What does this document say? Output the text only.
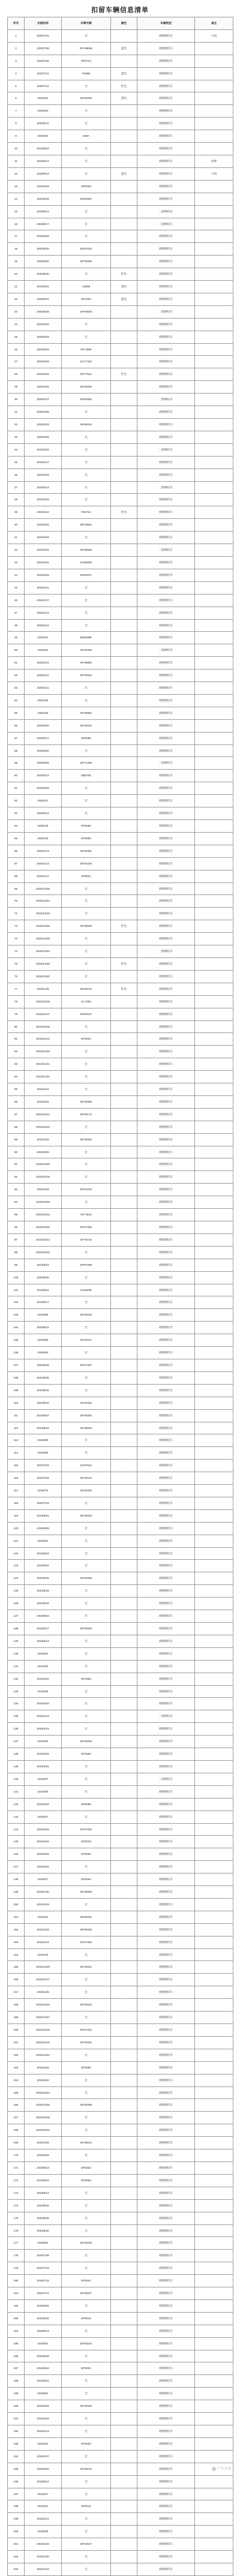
扣留车辆信息清单
序号	扣留时间	车牌号牌	颜色	车辆类型	备注
1	2020/7/24	无		两轮摩托车	大码
2	2020/7/26	DP-88659	蓝色	两轮摩托车	
3	2020/7/26	DP0713		两轮摩托车	
4	2020/7/11	P2658	蓝色	两轮摩托车	
5	2020/7/11	无	红色	两轮摩托车	
6	2020/6/4	DP43280	黑色	两轮摩托车	
7	2020/6/3	无		两轮摩托车	
8	2020/6/11	无		两轮摩托车	
9	2020/6/3	8287		两轮摩托车	
10	2020/6/10	无		两轮摩托车	
11	2020/6/12	无		两轮摩托车	扣押
12	2020/6/13	无	蓝色	两轮摩托车	大码
13	2020/6/18	DP0459		两轮摩托车	
14	2020/6/18	DP84657		两轮摩托车	
15	2020/6/14	无		三轮摩托车	
16	2020/6/17	无		三轮摩托车	
17	2020/5/18	无		两轮摩托车	
18	2020/5/20	DSP1012		两轮摩托车	
19	2020/5/20	DP78492		两轮摩托车	
20	2020/5/30	无	红色	两轮摩托车	
21	2020/5/24	C3548	黑色	两轮摩托车	
22	2020/5/21	DP1003	蓝色	两轮摩托车	
23	2020/5/26	DP28803		三轮摩托车	
24	2020/5/16	无		两轮摩托车	
25	2020/5/23	无		两轮摩托车	
26	2020/5/23	DP-3380		两轮摩托车	
27	2020/4/19	DA77424		两轮摩托车	
28	2020/4/24	DP77541	红色	两轮摩托车	
29	2020/4/26	DP45082		两轮摩托车	
30	2020/4/27	DP84802		三轮摩托车	
31	2020/4/28	无		两轮摩托车	
32	2020/4/23	DP88432		两轮摩托车	
33	2020/4/25	无		两轮摩托车	
34	2020/4/23	无		三轮摩托车	
35	2020/4/17	无		两轮摩托车	
36	2020/4/23	无		两轮摩托车	
37	2020/4/13	无		三轮摩托车	
38	2020/4/23	无		两轮摩托车	
39	2020/4/12	P46714	红色	两轮摩托车	
40	2020/4/24	DP43654		两轮摩托车	
41	2020/4/23	无		两轮摩托车	
42	2020/4/21	DP38659		三轮摩托车	
43	2020/4/21	DA66080		两轮摩托车	
44	2020/4/15	DP54971		两轮摩托车	
45	2020/4/11	无		两轮摩托车	
46	2020/4/17	无		两轮摩托车	
47	2020/4/13	无		两轮摩托车	
48	2020/4/14	无		两轮摩托车	
49	2020/4/1	BD0038K		两轮摩托车	
50	2020/4/4	DP34492		三轮摩托车	
51	2020/4/12	DP48880		两轮摩托车	
52	2020/4/11	DP44652		两轮摩托车	
53	2020/4/11	无		两轮摩托车	
54	2020/4/8	无		两轮摩托车	
55	2020/4/8	DP49884		两轮摩托车	
56	2020/3/30	DP44021		两轮摩托车	
57	2020/3/17	DP6480		两轮摩托车	
58	2020/3/20	无		两轮摩托车	
59	2020/3/25	DP71483		三轮摩托车	
60	2020/3/14	DB0705		两轮摩托车	
61	2020/3/28	无		两轮摩托车	
62	2020/2/1	无		两轮摩托车	
63	2020/2/14	无		两轮摩托车	
64	2020/1/6	DP3082		两轮摩托车	
65	2020/1/9	DP3006		两轮摩托车	
66	2020/1/13	DP46491		两轮摩托车	
67	2020/1/13	DP34430		两轮摩托车	
68	2020/1/17	DP8921		两轮摩托车	
69	2019/12/26	无		两轮摩托车	
70	2019/12/24	无		两轮摩托车	
71	2019/12/10	无		两轮摩托车	
72	2019/12/25	DP49000	红色	两轮摩托车	
73	2019/12/29	无		两轮摩托车	
74	2019/12/24	无		三轮摩托车	
75	2019/12/30	无	红色	两轮摩托车	
76	2019/12/20	无		两轮摩托车	
77	2019/12/5	DP46123	红色	两轮摩托车	
78	2019/12/19	J1-7492		两轮摩托车	
79	2019/12/17	DP84107		两轮摩托车	
80	2019/12/16	无		两轮摩托车	
81	2019/12/12	DP3021		两轮摩托车	
82	2019/11/28	无		两轮摩托车	
83	2019/11/21	无		两轮摩托车	
84	2019/11/24	无		两轮摩托车	
85	2019/11/2	无		两轮摩托车	
86	2019/11/6	DP44886		两轮摩托车	
87	2019/11/14	DP46172		两轮摩托车	
88	2019/11/10	无		两轮摩托车	
89	2019/11/8	DP78082		两轮摩托车	
90	2019/10/5	无		两轮摩托车	
91	2019/10/26	无		两轮摩托车	
92	2019/10/19	无		两轮摩托车	
93	2019/10/8	DP41224		两轮摩托车	
94	2019/10/20	无		两轮摩托车	
95	2019/10/13	DP-3019		两轮摩托车	
96	2019/10/20	DP47282		两轮摩托车	
97	2019/10/14	DP78710		两轮摩托车	
98	2019/10/13	无		两轮摩托车	
99	2019/9/22	DP97290		两轮摩托车	
100	2019/9/30	无		两轮摩托车	
101	2019/9/11	DJ43035		两轮摩托车	
102	2019/9/17	无		两轮摩托车	
103	2019/9/6	DP43020		两轮摩托车	
104	2019/9/11	无		两轮摩托车	
105	2019/9/8	DP44247		两轮摩托车	
106	2019/9/3	无		两轮摩托车	
107	2019/8/28	DP47287		两轮摩托车	
108	2019/8/28	无		两轮摩托车	
109	2019/8/15	无		两轮摩托车	
110	2019/8/10	DP11034		两轮摩托车	
111	2019/8/27	DP46082		两轮摩托车	
112	2019/8/15	DP45820		两轮摩托车	
113	2019/8/8	无		两轮摩托车	
114	2019/8/8	无		两轮摩托车	
115	2019/7/23	DA67944		两轮摩托车	
116	2019/7/23	DP44101		两轮摩托车	
117	2019/7/4	DP32363		两轮摩托车	
118	2019/7/23	无		两轮摩托车	
119	2019/6/21	DP32033		两轮摩托车	
120	2019/6/25	无		两轮摩托车	
121	2019/6/2	无		两轮摩托车	
122	2019/6/23	无		两轮摩托车	
123	2019/6/10	无		两轮摩托车	
124	2019/5/26	DP44068		两轮摩托车	
125	2019/5/16	无		两轮摩托车	
126	2019/5/16	无		两轮摩托车	
127	2019/5/16	无		两轮摩托车	
128	2019/5/17	DP33093		两轮摩托车	
129	2019/5/14	无		两轮摩托车	
130	2019/5/2	无		两轮摩托车	
131	2019/4/6	无		两轮摩托车	
132	2019/4/10	DP4383		两轮摩托车	
133	2019/4/8	无		两轮摩托车	
134	2019/4/20	无		两轮摩托车	
135	2019/4/13	无		三轮摩托车	
136	2019/4/12	无		两轮摩托车	
137	2019/4/6	DP43004		两轮摩托车	
138	2019/3/29	DP3363		两轮摩托车	
139	2019/3/25	无		两轮摩托车	
140	2019/3/7	无		三轮摩托车	
141	2019/3/9	无		两轮摩托车	
142	2019/3/16	DP3080		两轮摩托车	
143	2019/3/7	无		两轮摩托车	
144	2019/2/26	DP47082		两轮摩托车	
145	2019/2/16	DP3019		两轮摩托车	
146	2019/2/26	DP3020		两轮摩托车	
147	2019/2/16	无		两轮摩托车	
148	2019/2/7	DP3294		两轮摩托车	
149	2019/1/30	DP46083		两轮摩托车	
150	2019/1/19	无		两轮摩托车	
151	2019/1/2	DP32001		两轮摩托车	
152	2019/1/18	DP38430		两轮摩托车	
153	2019/1/13	DP47080		两轮摩托车	
154	2019/1/6	无		两轮摩托车	
155	2018/12/29	DP32021		两轮摩托车	
156	2018/12/17	无		两轮摩托车	
157	2018/12/5	无		两轮摩托车	
158	2018/12/10	DP43023		两轮摩托车	
159	2018/11/27	无		两轮摩托车	
160	2018/11/19	DP47201		两轮摩托车	
161	2018/11/19	DP43061		两轮摩托车	
162	2018/11/24	无		两轮摩托车	
163	2018/11/8	DP4082		两轮摩托车	
164	2018/11/5	无		两轮摩托车	
165	2018/10/24	无		两轮摩托车	
166	2018/10/20	DP32085		两轮摩托车	
167	2018/10/15	无		两轮摩托车	
168	2018/10/12	无		两轮摩托车	
169	2018/10/8	DP46024		两轮摩托车	
170	2018/9/29	无		两轮摩托车	
171	2018/9/13	DP3022		两轮摩托车	
172	2018/9/24	DP3009		两轮摩托车	
173	2018/9/14	无		两轮摩托车	
174	2018/8/15	无		两轮摩托车	
175	2018/8/28	无		两轮摩托车	
176	2018/8/20	无		两轮摩托车	
177	2018/8/2	DP43032		两轮摩托车	
178	2018/7/29	无		两轮摩托车	
179	2018/7/19	无		两轮摩托车	
180	2018/7/12	DP3021		两轮摩托车	
181	2018/7/12	DP46027		两轮摩托车	
182	2018/6/26	无		两轮摩托车	
183	2018/6/18	DP3016		两轮摩托车	
184	2018/6/13	无		两轮摩托车	
185	2018/6/4	DP34042		两轮摩托车	
186	2018/5/28	无		两轮摩托车	
187	2018/5/16	DP3021		两轮摩托车	
188	2018/5/10	无		两轮摩托车	
189	2018/5/2	无		两轮摩托车	
190	2018/4/29	DP43025		两轮摩托车	
191	2018/4/18	无		两轮摩托车	
192	2018/4/14	无		两轮摩托车	
193	2018/4/4	DP3020		两轮摩托车	
194	2018/3/27	无		两轮摩托车	
195	2018/3/20	DP46013		两轮摩托车	
196	2018/3/12	无		两轮摩托车	
197	2018/3/7	无		两轮摩托车	
198	2018/3/1	DP3011		两轮摩托车	
199	2018/2/14	无		两轮摩托车	
200	2018/2/8	无		两轮摩托车	
201	2018/1/28	DP43017		两轮摩托车	
202	2018/1/20	无		两轮摩托车	
203	2018/1/10	无		两轮摩托车	
广宁公安
